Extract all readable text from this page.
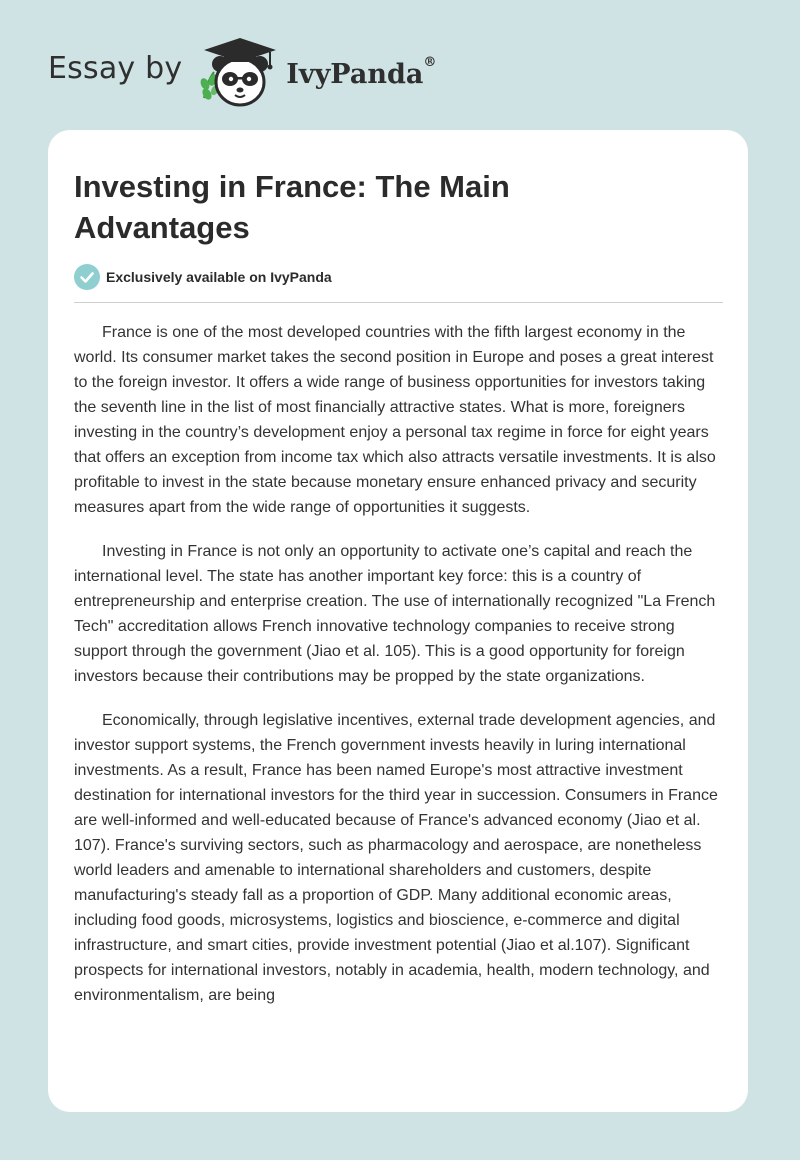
Essay by	IvyPanda®
Investing in France: The Main Advantages
Exclusively available on IvyPanda

France is one of the most developed countries with the fifth largest economy in the world. Its consumer market takes the second position in Europe and poses a great interest to the foreign investor. It offers a wide range of business opportunities for investors taking the seventh line in the list of most financially attractive states. What is more, foreigners investing in the country’s development enjoy a personal tax regime in force for eight years that offers an exception from income tax which also attracts versatile investments. It is also profitable to invest in the state because monetary ensure enhanced privacy and security measures apart from the wide range of opportunities it suggests.

Investing in France is not only an opportunity to activate one’s capital and reach the international level. The state has another important key force: this is a country of entrepreneurship and enterprise creation. The use of internationally recognized "La French Tech" accreditation allows French innovative technology companies to receive strong support through the government (Jiao et al. 105). This is a good opportunity for foreign investors because their contributions may be propped by the state organizations.

Economically, through legislative incentives, external trade development agencies, and investor support systems, the French government invests heavily in luring international investments. As a result, France has been named Europe's most attractive investment destination for international investors for the third year in succession. Consumers in France are well-informed and well-educated because of France's advanced economy (Jiao et al. 107). France's surviving sectors, such as pharmacology and aerospace, are nonetheless world leaders and amenable to international shareholders and customers, despite manufacturing's steady fall as a proportion of GDP. Many additional economic areas, including food goods, microsystems, logistics and bioscience, e-commerce and digital infrastructure, and smart cities, provide investment potential (Jiao et al.107). Significant prospects for international investors, notably in academia, health, modern technology, and environmentalism, are being
